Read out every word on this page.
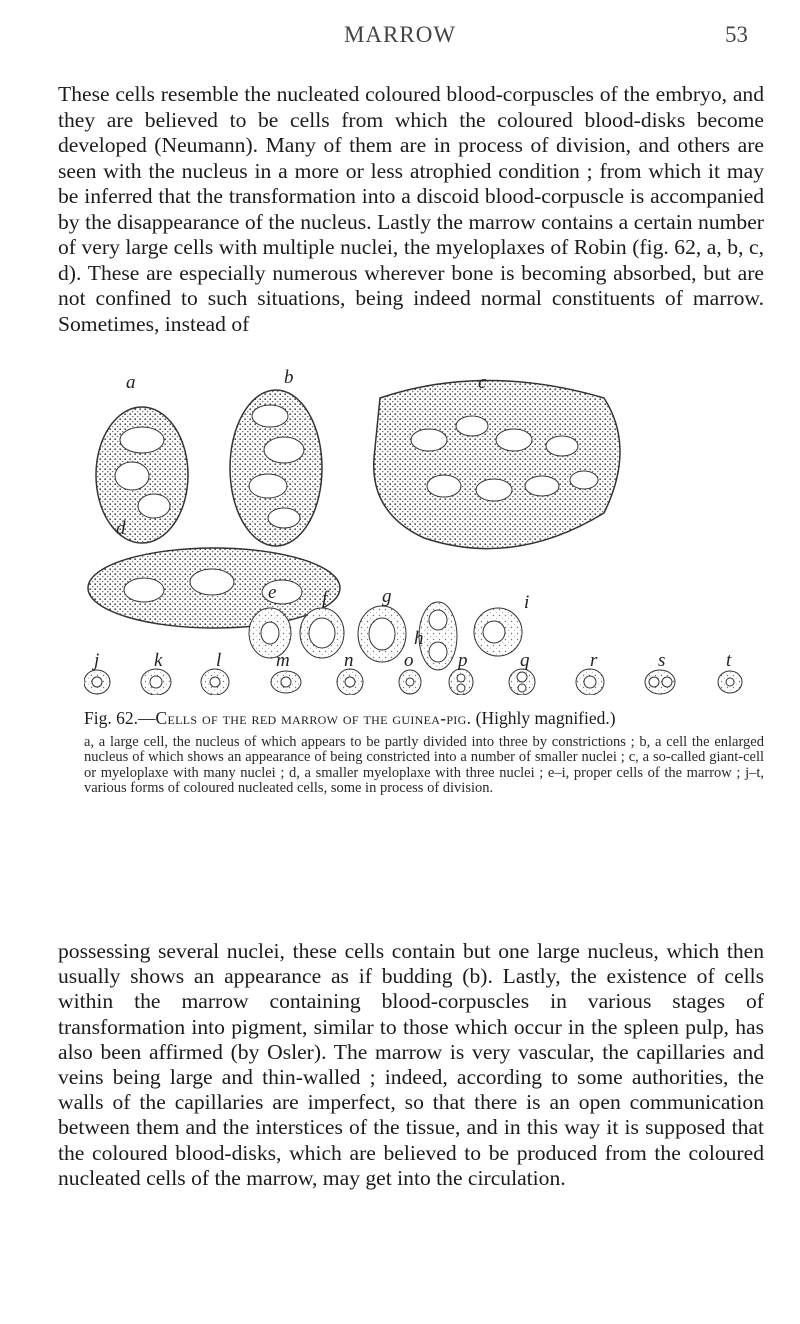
MARROW	53

These cells resemble the nucleated coloured blood-corpuscles of the embryo, and they are believed to be cells from which the coloured blood-disks become developed (Neumann). Many of them are in process of division, and others are seen with the nucleus in a more or less atrophied condition ; from which it may be inferred that the transformation into a discoid blood-corpuscle is accompanied by the disappearance of the nucleus. Lastly the marrow contains a certain number of very large cells with multiple nuclei, the myeloplaxes of Robin (fig. 62, a, b, c, d). These are especially numerous wherever bone is becoming absorbed, but are not confined to such situations, being indeed normal constituents of marrow. Sometimes, instead of

a	b	c
d
e f	g
h
i
j	k	l	m	n	o p	q	r	s	t

Fig. 62.—Cells of the red marrow of the guinea-pig. (Highly magnified.)

a, a large cell, the nucleus of which appears to be partly divided into three by constrictions ; b, a cell the enlarged nucleus of which shows an appearance of being constricted into a number of smaller nuclei ; c, a so-called giant-cell or myeloplaxe with many nuclei ; d, a smaller myeloplaxe with three nuclei ; e–i, proper cells of the marrow ; j–t, various forms of coloured nucleated cells, some in process of division.

possessing several nuclei, these cells contain but one large nucleus, which then usually shows an appearance as if budding (b). Lastly, the existence of cells within the marrow containing blood-corpuscles in various stages of transformation into pigment, similar to those which occur in the spleen pulp, has also been affirmed (by Osler). The marrow is very vascular, the capillaries and veins being large and thin-walled ; indeed, according to some authorities, the walls of the capillaries are imperfect, so that there is an open communication between them and the interstices of the tissue, and in this way it is supposed that the coloured blood-disks, which are believed to be produced from the coloured nucleated cells of the marrow, may get into the circulation.
